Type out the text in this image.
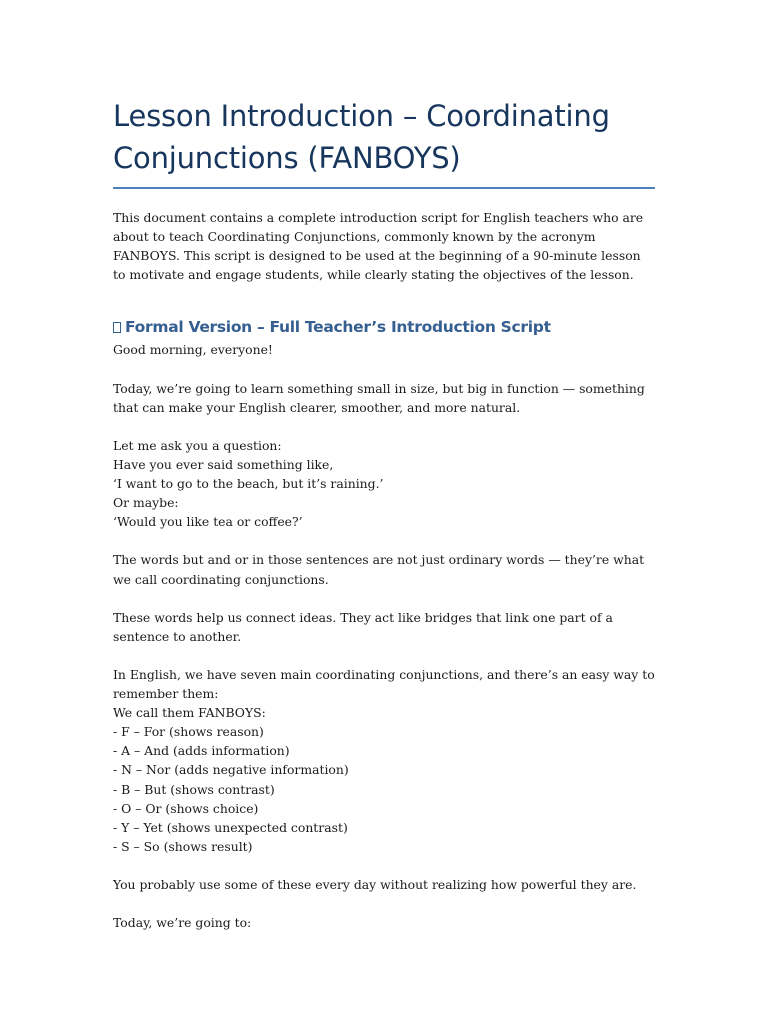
Lesson Introduction – Coordinating Conjunctions (FANBOYS)

This document contains a complete introduction script for English teachers who are about to teach Coordinating Conjunctions, commonly known by the acronym FANBOYS. This script is designed to be used at the beginning of a 90-minute lesson to motivate and engage students, while clearly stating the objectives of the lesson.

Formal Version – Full Teacher’s Introduction Script

Good morning, everyone!

Today, we’re going to learn something small in size, but big in function — something that can make your English clearer, smoother, and more natural.

Let me ask you a question:
Have you ever said something like,
‘I want to go to the beach, but it’s raining.’
Or maybe:
‘Would you like tea or coffee?’

The words but and or in those sentences are not just ordinary words — they’re what we call coordinating conjunctions.

These words help us connect ideas. They act like bridges that link one part of a sentence to another.

In English, we have seven main coordinating conjunctions, and there’s an easy way to remember them:
We call them FANBOYS:
- F – For (shows reason)
- A – And (adds information)
- N – Nor (adds negative information)
- B – But (shows contrast)
- O – Or (shows choice)
- Y – Yet (shows unexpected contrast)
- S – So (shows result)

You probably use some of these every day without realizing how powerful they are.

Today, we’re going to:
